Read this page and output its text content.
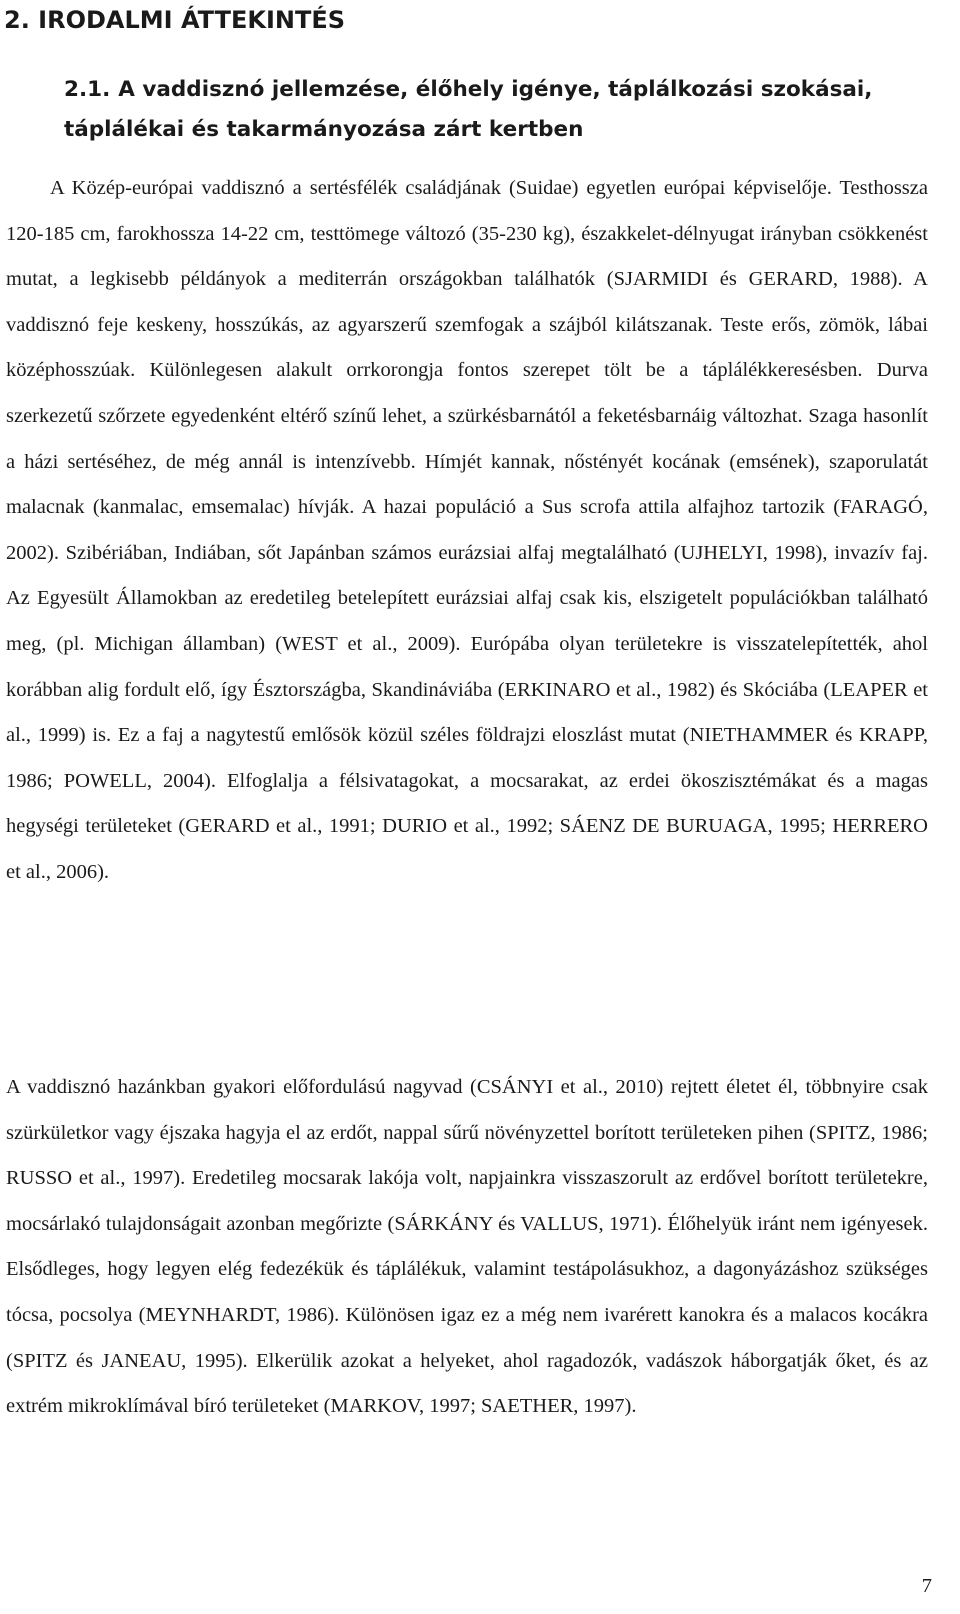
2. IRODALMI ÁTTEKINTÉS
2.1. A vaddisznó jellemzése, élőhely igénye, táplálkozási szokásai, táplálékai és takarmányozása zárt kertben

A Közép-európai vaddisznó a sertésfélék családjának (Suidae) egyetlen európai képviselője. Testhossza 120-185 cm, farokhossza 14-22 cm, testtömege változó (35-230 kg), északkelet-délnyugat irányban csökkenést mutat, a legkisebb példányok a mediterrán országokban találhatók (SJARMIDI és GERARD, 1988). A vaddisznó feje keskeny, hosszúkás, az agyarszerű szemfogak a szájból kilátszanak. Teste erős, zömök, lábai középhosszúak. Különlegesen alakult orrkorongja fontos szerepet tölt be a táplálékkeresésben. Durva szerkezetű szőrzete egyedenként eltérő színű lehet, a szürkésbarnától a feketésbarnáig változhat. Szaga hasonlít a házi sertéséhez, de még annál is intenzívebb. Hímjét kannak, nőstényét kocának (emsének), szaporulatát malacnak (kanmalac, emsemalac) hívják. A hazai populáció a Sus scrofa attila alfajhoz tartozik (FARAGÓ, 2002). Szibériában, Indiában, sőt Japánban számos eurázsiai alfaj megtalálható (UJHELYI, 1998), invazív faj. Az Egyesült Államokban az eredetileg betelepített eurázsiai alfaj csak kis, elszigetelt populációkban található meg, (pl. Michigan államban) (WEST et al., 2009). Európába olyan területekre is visszatelepítették, ahol korábban alig fordult elő, így Észtországba, Skandináviába (ERKINARO et al., 1982) és Skóciába (LEAPER et al., 1999) is. Ez a faj a nagytestű emlősök közül széles földrajzi eloszlást mutat (NIETHAMMER és KRAPP, 1986; POWELL, 2004). Elfoglalja a félsivatagokat, a mocsarakat, az erdei ökoszisztémákat és a magas hegységi területeket (GERARD et al., 1991; DURIO et al., 1992; SÁENZ DE BURUAGA, 1995; HERRERO et al., 2006).

A vaddisznó hazánkban gyakori előfordulású nagyvad (CSÁNYI et al., 2010) rejtett életet él, többnyire csak szürkületkor vagy éjszaka hagyja el az erdőt, nappal sűrű növényzettel borított területeken pihen (SPITZ, 1986; RUSSO et al., 1997). Eredetileg mocsarak lakója volt, napjainkra visszaszorult az erdővel borított területekre, mocsárlakó tulajdonságait azonban megőrizte (SÁRKÁNY és VALLUS, 1971). Élőhelyük iránt nem igényesek. Elsődleges, hogy legyen elég fedezékük és táplálékuk, valamint testápolásukhoz, a dagonyázáshoz szükséges tócsa, pocsolya (MEYNHARDT, 1986). Különösen igaz ez a még nem ivarérett kanokra és a malacos kocákra (SPITZ és JANEAU, 1995). Elkerülik azokat a helyeket, ahol ragadozók, vadászok háborgatják őket, és az extrém mikroklímával bíró területeket (MARKOV, 1997; SAETHER, 1997).

7
